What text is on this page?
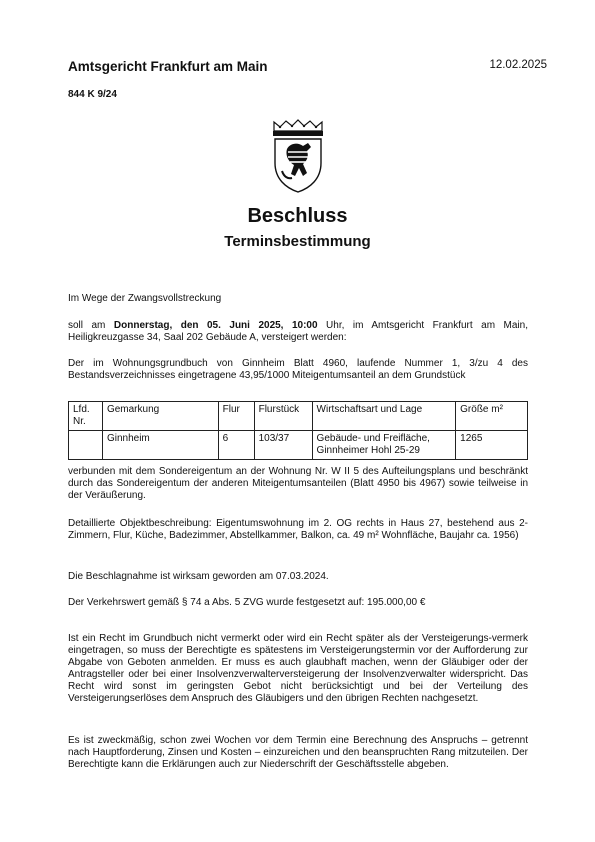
Amtsgericht Frankfurt am Main	12.02.2025
844 K 9/24
Beschluss
Terminsbestimmung
Im Wege der Zwangsvollstreckung
soll am Donnerstag, den 05. Juni 2025, 10:00 Uhr, im Amtsgericht Frankfurt am Main, Heiligkreuzgasse 34, Saal 202 Gebäude A, versteigert werden:
Der im Wohnungsgrundbuch von Ginnheim Blatt 4960, laufende Nummer 1, 3/zu 4 des Bestandsverzeichnisses eingetragene 43,95/1000 Miteigentumsanteil an dem Grundstück
Lfd. Nr.	Gemarkung	Flur	Flurstück	Wirtschaftsart und Lage	Größe m²
	Ginnheim	6	103/37	Gebäude- und Freifläche, Ginnheimer Hohl 25-29	1265
verbunden mit dem Sondereigentum an der Wohnung Nr. W II 5 des Aufteilungsplans und beschränkt durch das Sondereigentum der anderen Miteigentumsanteilen (Blatt 4950 bis 4967) sowie teilweise in der Veräußerung.
Detaillierte Objektbeschreibung: Eigentumswohnung im 2. OG rechts in Haus 27, bestehend aus 2-Zimmern, Flur, Küche, Badezimmer, Abstellkammer, Balkon, ca. 49 m² Wohnfläche, Baujahr ca. 1956)
Die Beschlagnahme ist wirksam geworden am 07.03.2024.
Der Verkehrswert gemäß § 74 a Abs. 5 ZVG wurde festgesetzt auf: 195.000,00 €
Ist ein Recht im Grundbuch nicht vermerkt oder wird ein Recht später als der Versteigerungs-vermerk eingetragen, so muss der Berechtigte es spätestens im Versteigerungstermin vor der Aufforderung zur Abgabe von Geboten anmelden. Er muss es auch glaubhaft machen, wenn der Gläubiger oder der Antragsteller oder bei einer Insolvenzverwalterversteigerung der Insolvenzverwalter widerspricht. Das Recht wird sonst im geringsten Gebot nicht berücksichtigt und bei der Verteilung des Versteigerungserlöses dem Anspruch des Gläubigers und den übrigen Rechten nachgesetzt.
Es ist zweckmäßig, schon zwei Wochen vor dem Termin eine Berechnung des Anspruchs – getrennt nach Hauptforderung, Zinsen und Kosten – einzureichen und den beanspruchten Rang mitzuteilen. Der Berechtigte kann die Erklärungen auch zur Niederschrift der Geschäftsstelle abgeben.
